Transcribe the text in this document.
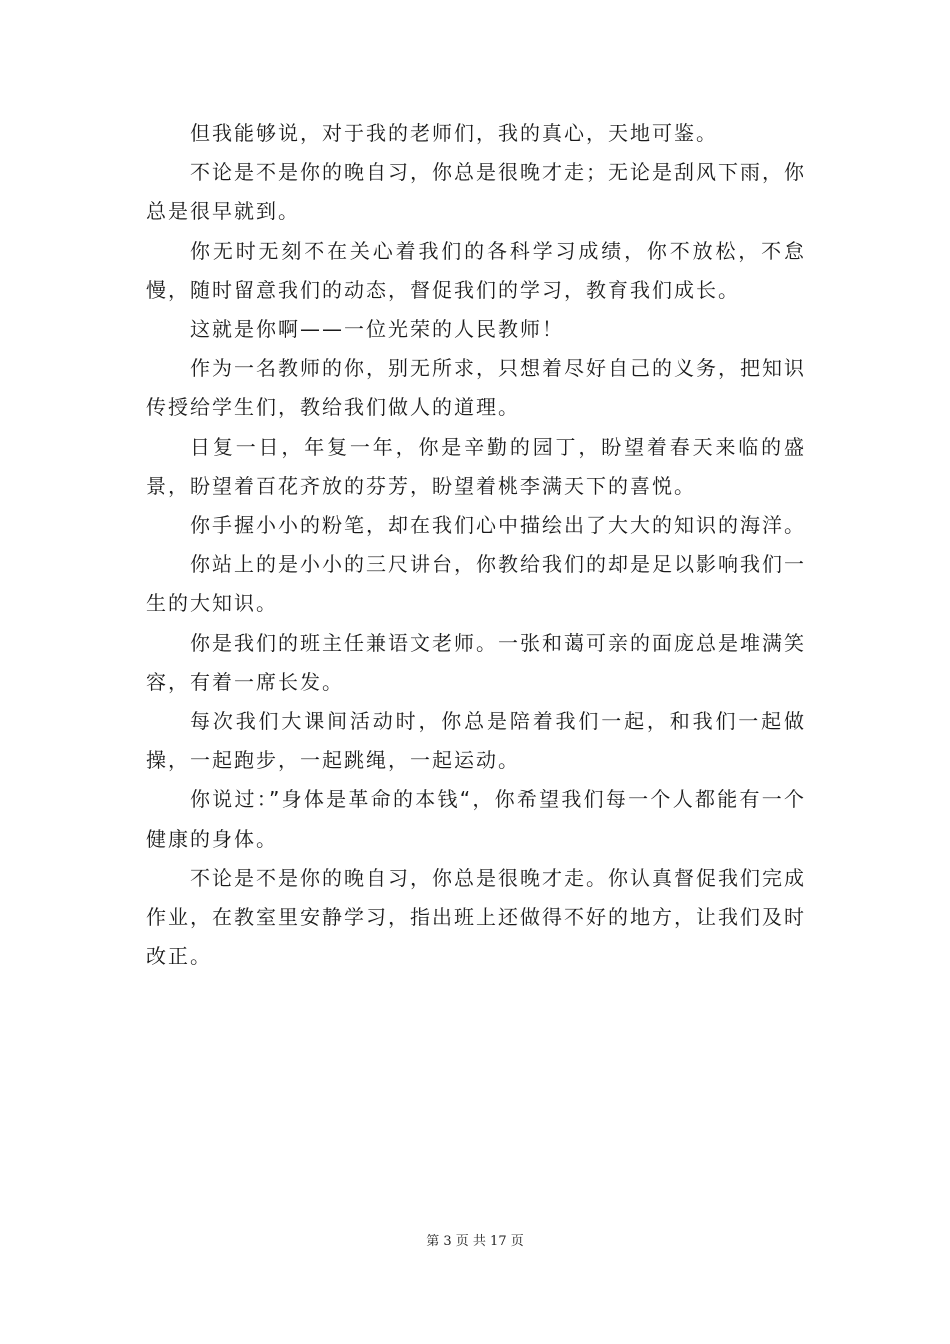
但我能够说，对于我的老师们，我的真心，天地可鉴。

不论是不是你的晚自习，你总是很晚才走；无论是刮风下雨，你总是很早就到。

你无时无刻不在关心着我们的各科学习成绩，你不放松，不怠慢，随时留意我们的动态，督促我们的学习，教育我们成长。

这就是你啊——一位光荣的人民教师！

作为一名教师的你，别无所求，只想着尽好自己的义务，把知识传授给学生们，教给我们做人的道理。

日复一日，年复一年，你是辛勤的园丁，盼望着春天来临的盛景，盼望着百花齐放的芬芳，盼望着桃李满天下的喜悦。

你手握小小的粉笔，却在我们心中描绘出了大大的知识的海洋。

你站上的是小小的三尺讲台，你教给我们的却是足以影响我们一生的大知识。

你是我们的班主任兼语文老师。一张和蔼可亲的面庞总是堆满笑容，有着一席长发。

每次我们大课间活动时，你总是陪着我们一起，和我们一起做操，一起跑步，一起跳绳，一起运动。

你说过：”身体是革命的本钱“，你希望我们每一个人都能有一个健康的身体。

不论是不是你的晚自习，你总是很晚才走。你认真督促我们完成作业，在教室里安静学习，指出班上还做得不好的地方，让我们及时改正。

第 3 页 共 17 页
